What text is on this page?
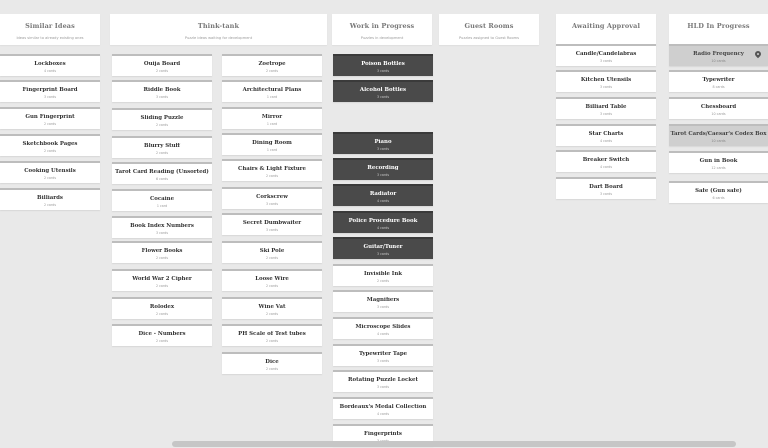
Similar Ideas
Ideas similar to already existing ones
Think-tank
Puzzle ideas waiting for development
Work in Progress
Puzzles in development
Guest Rooms
Puzzles assigned to Guest Rooms
Awaiting Approval	HLD In Progress
Lockboxes
4 cards
Fingerprint Board
3 cards
Gun Fingerprint
2 cards
Sketchbook Pages
2 cards
Cooking Utensils
2 cards
Billiards
2 cards
Ouija Board
2 cards
Riddle Book
3 cards
Sliding Puzzle
2 cards
Blurry Stuff
2 cards
Tarot Card Reading (Unsorted)
6 cards
Cocaine
1 card
Book Index Numbers
3 cards
Flower Books
2 cards
World War 2 Cipher
2 cards
Rolodex
2 cards
Dice - Numbers
2 cards
Zoetrope
2 cards
Architectural Plans
1 card
Mirror
1 card
Dining Room
1 card
Chairs & Light Fixture
2 cards
Corkscrew
3 cards
Secret Dumbwaiter
3 cards
Ski Pole
2 cards
Loose Wire
2 cards
Wine Vat
2 cards
PH Scale of Test tubes
2 cards
Dice
2 cards
Poison Bottles
3 cards
Alcohol Bottles
3 cards
Piano
3 cards
Recording
3 cards
Radiator
4 cards
Police Procedure Book
4 cards
Guitar/Tuner
3 cards
Invisible Ink
2 cards
Magnifiers
3 cards
Microscope Slides
4 cards
Typewriter Tape
3 cards
Rotating Puzzle Locket
3 cards
Bordeaux's Medal Collection
4 cards
Fingerprints
Candle/Candelabras
3 cards
Kitchen Utensils
3 cards
Billiard Table
3 cards
Star Charts
4 cards
Breaker Switch
4 cards
Dart Board
3 cards
Radio Frequency
10 cards
Typewriter
8 cards
Chessboard
10 cards
Tarot Cards/Caesar's Codex Box
10 cards
Gun in Book
12 cards
Safe (Gun safe)
6 cards
